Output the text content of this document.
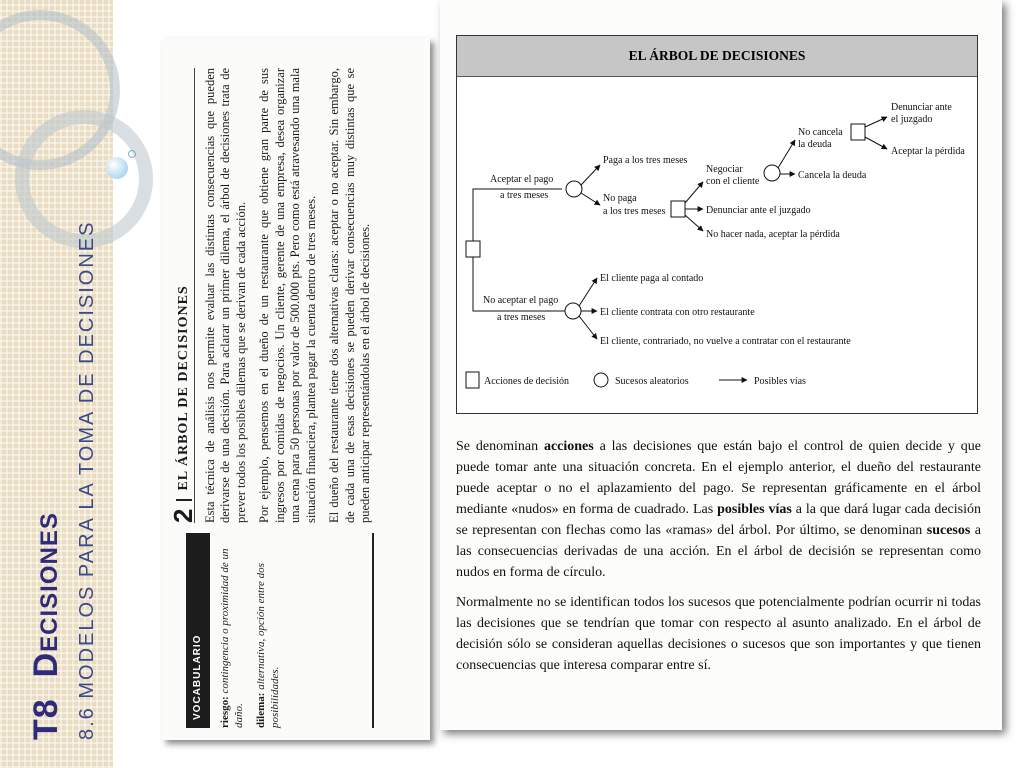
T8  Decisiones 8.6 MODELOS PARA LA TOMA DE DECISIONES	VOCABULARIO	riesgo: contingencia o proximidad de un daño. dilema: alternativa, opción entre dos posibilidades.

2
EL ÁRBOL DE DECISIONES Esta técnica de análisis nos permite evaluar las distintas consecuencias que pueden derivarse de una decisión. Para aclarar un primer dilema, el árbol de decisiones trata de prever todos los posibles dilemas que se derivan de cada acción. Por ejemplo, pensemos en el dueño de un restaurante que obtiene gran parte de sus ingresos por comidas de negocios. Un cliente, gerente de una empresa, desea organizar una cena para 50 personas por valor de 500.000 pts. Pero como está atravesando una mala situación financiera, plantea pagar la cuenta dentro de tres meses. El dueño del restaurante tiene dos alternativas claras: aceptar o no aceptar. Sin embargo, de cada una de esas decisiones se pueden derivar consecuencias muy distintas que se pueden anticipar representándolas en el árbol de decisiones.

EL ÁRBOL DE DECISIONES
Aceptar el pago
a tres meses
Paga a los tres meses
No paga
a los tres meses
Negociar
con el cliente
Denunciar ante el juzgado
No hacer nada, aceptar la pérdida
No cancela
la deuda
Cancela la deuda
Denunciar ante
el juzgado
Aceptar la pérdida
No aceptar el pago
a tres meses
El cliente paga al contado
El cliente contrata con otro restaurante
El cliente, contrariado, no vuelve a contratar con el restaurante
Acciones de decisión	Sucesos aleatorios	Posibles vías

Se denominan acciones a las decisiones que están bajo el control de quien decide y que puede tomar ante una situación concreta. En el ejemplo anterior, el dueño del restaurante puede aceptar o no el aplazamiento del pago. Se representan gráficamente en el árbol mediante «nudos» en forma de cuadrado. Las posibles vías a la que dará lugar cada decisión se representan con flechas como las «ramas» del árbol. Por último, se denominan sucesos a las consecuencias derivadas de una acción. En el árbol de decisión se representan como nudos en forma de círculo.

Normalmente no se identifican todos los sucesos que potencialmente podrían ocurrir ni todas las decisiones que se tendrían que tomar con respecto al asunto analizado. En el árbol de decisión sólo se consideran aquellas decisiones o sucesos que son importantes y que tienen consecuencias que interesa comparar entre sí.
